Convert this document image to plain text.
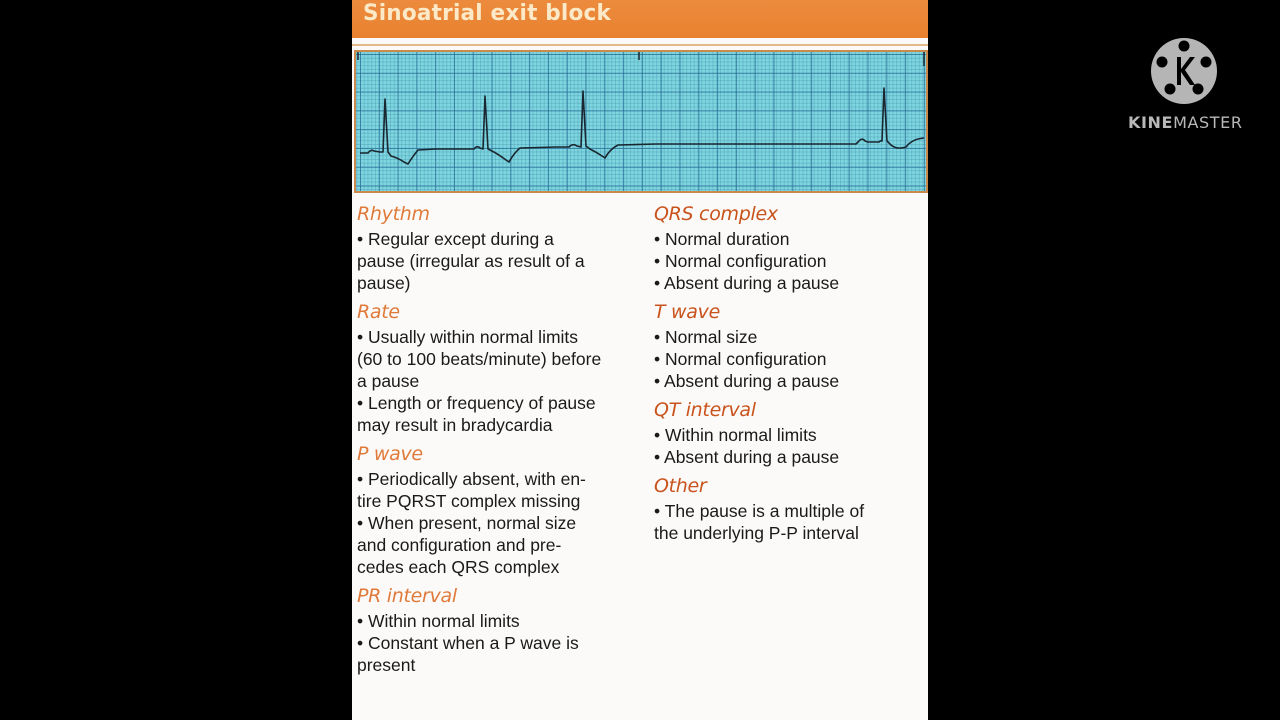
Sinoatrial exit block
Rhythm

• Regular except during a

pause (irregular as result of a

pause)

Rate

• Usually within normal limits

(60 to 100 beats/minute) before

a pause

• Length or frequency of pause

may result in bradycardia

P wave

• Periodically absent, with en-

tire PQRST complex missing

• When present, normal size

and configuration and pre-

cedes each QRS complex

PR interval

• Within normal limits

• Constant when a P wave is

present

QRS complex

• Normal duration

• Normal configuration

• Absent during a pause

T wave

• Normal size

• Normal configuration

• Absent during a pause

QT interval

• Within normal limits

• Absent during a pause

Other

• The pause is a multiple of

the underlying P-P interval

KINEMASTER
